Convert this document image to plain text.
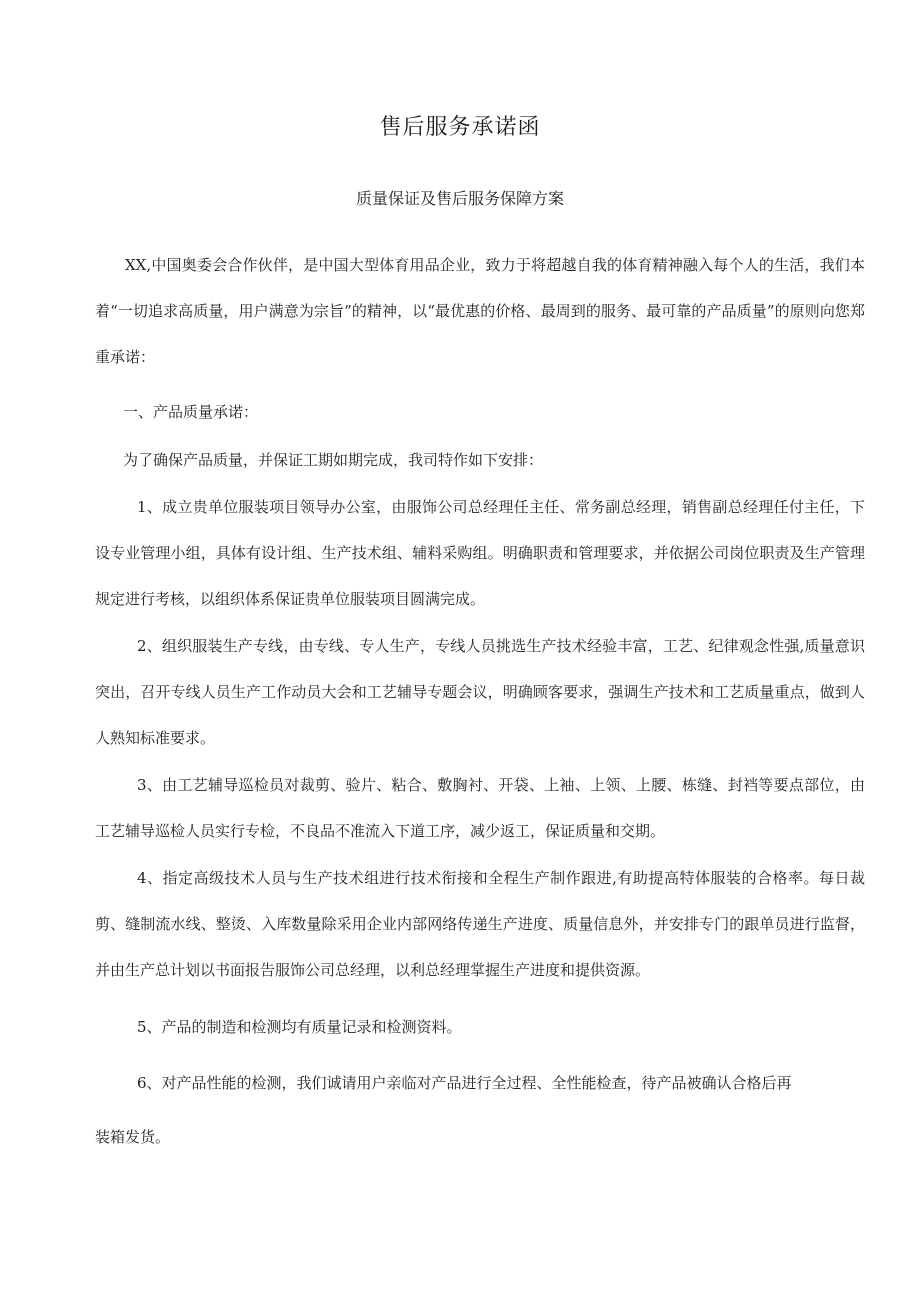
售后服务承诺函
质量保证及售后服务保障方案
XX,中国奥委会合作伙伴，是中国大型体育用品企业，致力于将超越自我的体育精神融入每个人的生活，我们本着“一切追求高质量，用户满意为宗旨”的精神，以“最优惠的价格、最周到的服务、最可靠的产品质量”的原则向您郑重承诺：
一、产品质量承诺：
为了确保产品质量，并保证工期如期完成，我司特作如下安排：
1、成立贵单位服装项目领导办公室，由服饰公司总经理任主任、常务副总经理，销售副总经理任付主任，下设专业管理小组，具体有设计组、生产技术组、辅料采购组。明确职责和管理要求，并依据公司岗位职责及生产管理规定进行考核，以组织体系保证贵单位服装项目圆满完成。
2、组织服装生产专线，由专线、专人生产，专线人员挑选生产技术经验丰富，工艺、纪律观念性强,质量意识突出，召开专线人员生产工作动员大会和工艺辅导专题会议，明确顾客要求，强调生产技术和工艺质量重点，做到人人熟知标准要求。
3、由工艺辅导巡检员对裁剪、验片、粘合、敷胸衬、开袋、上袖、上领、上腰、栋缝、封裆等要点部位，由工艺辅导巡检人员实行专检，不良品不准流入下道工序，减少返工，保证质量和交期。
4、指定高级技术人员与生产技术组进行技术衔接和全程生产制作跟进,有助提高特体服装的合格率。每日裁剪、缝制流水线、整烫、入库数量除采用企业内部网络传递生产进度、质量信息外，并安排专门的跟单员进行监督，并由生产总计划以书面报告服饰公司总经理，以利总经理掌握生产进度和提供资源。
5、产品的制造和检测均有质量记录和检测资料。
6、对产品性能的检测，我们诚请用户亲临对产品进行全过程、全性能检查，待产品被确认合格后再
装箱发货。
